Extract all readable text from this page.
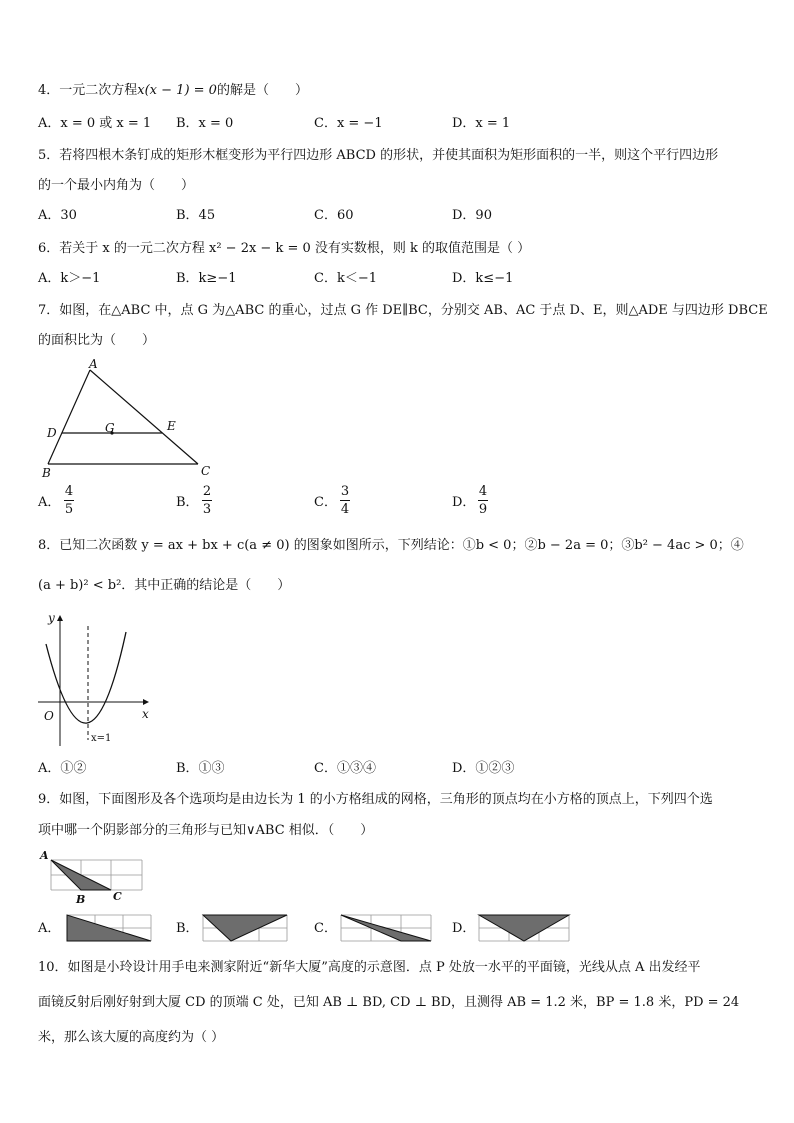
4．一元二次方程x(x − 1) = 0的解是（　　）
A．x = 0 或 x = 1 B．x = 0	C．x = −1	D．x = 1
5．若将四根木条钉成的矩形木框变形为平行四边形 ABCD 的形状，并使其面积为矩形面积的一半，则这个平行四边形
的一个最小内角为（　　）
A．30	B．45	C．60	D．90
6．若关于 x 的一元二次方程 x² − 2x − k = 0 没有实数根，则 k 的取值范围是（ ）
A．k＞−1	B．k≥−1	C．k＜−1	D．k≤−1
7．如图，在△ABC 中，点 G 为△ABC 的重心，过点 G 作 DE∥BC，分别交 AB、AC 于点 D、E，则△ADE 与四边形 DBCE
的面积比为（　　）
A
B	C
D	E
G
A．
4
5	B．
2
3	C．
3
4	D．
4
9
8．已知二次函数 y = ax + bx + c(a ≠ 0) 的图象如图所示，下列结论：①b < 0；②b − 2a = 0；③b² − 4ac > 0；④
(a + b)² < b²．其中正确的结论是（　　）
y
x
O
x=1
A．①②	B．①③	C．①③④	D．①②③
9．如图，下面图形及各个选项均是由边长为 1 的小方格组成的网格，三角形的顶点均在小方格的顶点上，下列四个选
项中哪一个阴影部分的三角形与已知∨ABC 相似．（　　）
A
B	C
A．	B．	C．	D．
10．如图是小玲设计用手电来测家附近“新华大厦”高度的示意图．点 P 处放一水平的平面镜，光线从点 A 出发经平
面镜反射后刚好射到大厦 CD 的顶端 C 处，已知 AB ⊥ BD, CD ⊥ BD，且测得 AB = 1.2 米，BP = 1.8 米，PD = 24
米，那么该大厦的高度约为（ ）
